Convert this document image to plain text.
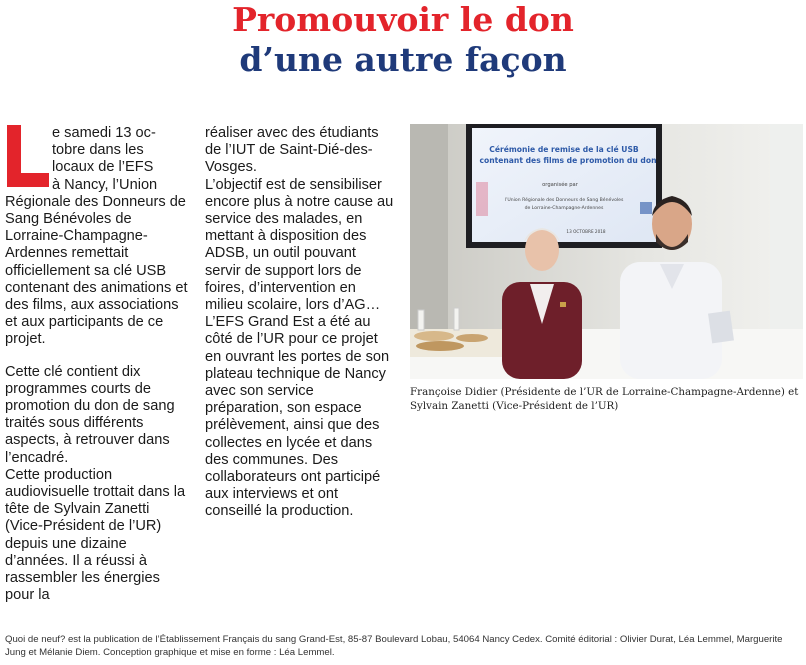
Promouvoir le don
d’une autre façon
L	e samedi 13 oc-

tobre dans les

locaux de l’EFS

à Nancy, l’Union

Régionale des Donneurs de Sang Bénévoles de Lorraine-Champagne-Ardennes remettait officiellement sa clé USB contenant des animations et des films, aux associations et aux participants de ce projet.

Cette clé contient dix programmes courts de promotion du don de sang traités sous différents aspects, à retrouver dans l’encadré.

Cette production audiovisuelle trottait dans la tête de Sylvain Zanetti (Vice-Président de l’UR) depuis une dizaine d’années. Il a réussi à rassembler les énergies pour la

réaliser avec des étudiants de l’IUT de Saint-Dié-des-Vosges.

L’objectif est de sensibiliser encore plus à notre cause au service des malades, en mettant à disposition des ADSB, un outil pouvant servir de support lors de foires, d’intervention en milieu scolaire, lors d’AG…

L’EFS Grand Est a été au côté de l’UR pour ce projet en ouvrant les portes de son plateau technique de Nancy avec son service préparation, son espace prélèvement, ainsi que des collectes en lycée et dans des communes. Des collaborateurs ont participé aux interviews et ont conseillé la production.

Cérémonie de remise de la clé USB
contenant des films de promotion du don
organisée par
l’Union Régionale des Donneurs de Sang Bénévoles
de Lorraine-Champagne-Ardennes
13 OCTOBRE 2018
Françoise Didier (Présidente de l’UR de Lorraine-Champagne-Ardenne) et Sylvain Zanetti (Vice-Président de l’UR)
Quoi de neuf? est la publication de l’Établissement Français du sang Grand-Est, 85-87 Boulevard Lobau, 54064 Nancy Cedex. Comité éditorial : Olivier Durat, Léa Lemmel, Marguerite Jung et Mélanie Diem. Conception graphique et mise en forme : Léa Lemmel.
